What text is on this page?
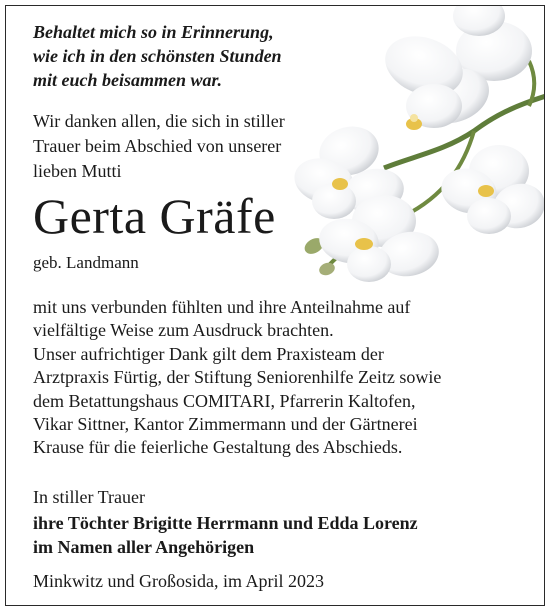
Behaltet mich so in Erinnerung,
wie ich in den schönsten Stunden
mit euch beisammen war.

Wir danken allen, die sich in stiller
Trauer beim Abschied von unserer
lieben Mutti

Gerta Gräfe

geb. Landmann

mit uns verbunden fühlten und ihre Anteilnahme auf
vielfältige Weise zum Ausdruck brachten.
Unser aufrichtiger Dank gilt dem Praxisteam der
Arztpraxis Fürtig, der Stiftung Seniorenhilfe Zeitz sowie
dem Betattungshaus COMITARI, Pfarrerin Kaltofen,
Vikar Sittner, Kantor Zimmermann und der Gärtnerei
Krause für die feierliche Gestaltung des Abschieds.

In stiller Trauer

ihre Töchter Brigitte Herrmann und Edda Lorenz
im Namen aller Angehörigen

Minkwitz und Großosida, im April 2023
